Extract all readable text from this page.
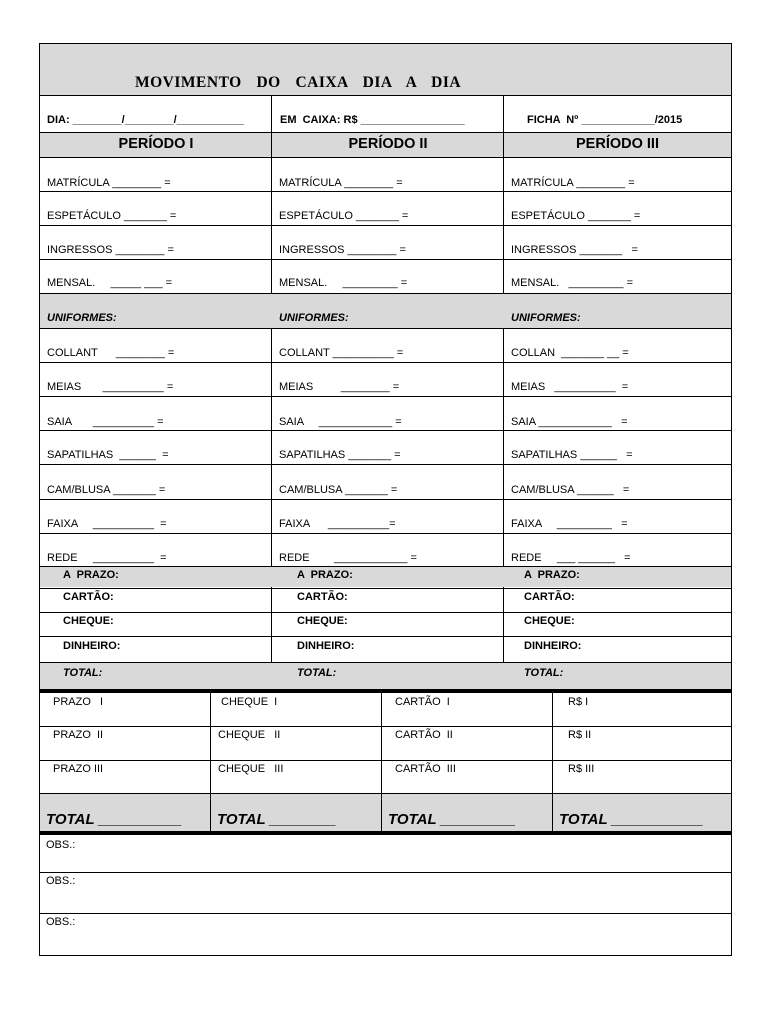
MOVIMENTO  DO  CAIXA  DIA  A  DIA
DIA: ________/________/___________	EM  CAIXA: R$ _________________	FICHA  Nº ____________/2015
PERÍODO I
MATRÍCULA ________ =
ESPETÁCULO _______ =
INGRESSOS ________ =
MENSAL.     _____ ___ =
UNIFORMES:
COLLANT      ________ =
MEIAS       __________ =
SAIA       __________ =
SAPATILHAS  ______  =
CAM/BLUSA _______ =
FAIXA     __________  =
REDE     __________  =
A  PRAZO:
CARTÃO:
CHEQUE:
DINHEIRO:
TOTAL:
PERÍODO II
MATRÍCULA ________ =
ESPETÁCULO _______ =
INGRESSOS ________ =
MENSAL.     _________ =
UNIFORMES:
COLLANT __________ =
MEIAS         ________ =
SAIA     ____________ =
SAPATILHAS _______ =
CAM/BLUSA _______ =
FAIXA      __________=
REDE        ____________ =
A  PRAZO:
CARTÃO:
CHEQUE:
DINHEIRO:
TOTAL:
PERÍODO III
MATRÍCULA ________ =
ESPETÁCULO _______ =
INGRESSOS _______   =
MENSAL.   _________ =
UNIFORMES:
COLLAN  _______ __ =
MEIAS   __________  =
SAIA ____________   =
SAPATILHAS ______   =
CAM/BLUSA ______   =
FAIXA     _________   =
REDE     ___ ______   =
A  PRAZO:
CARTÃO:
CHEQUE:
DINHEIRO:
TOTAL:
PRAZO   I
PRAZO  II
PRAZO III
TOTAL __________
CHEQUE  I
CHEQUE   II
CHEQUE   III
TOTAL ________
CARTÃO  I
CARTÃO  II
CARTÃO  III
TOTAL _________
R$ I
R$ II
R$ III
TOTAL ___________
OBS.:
OBS.:
OBS.:
